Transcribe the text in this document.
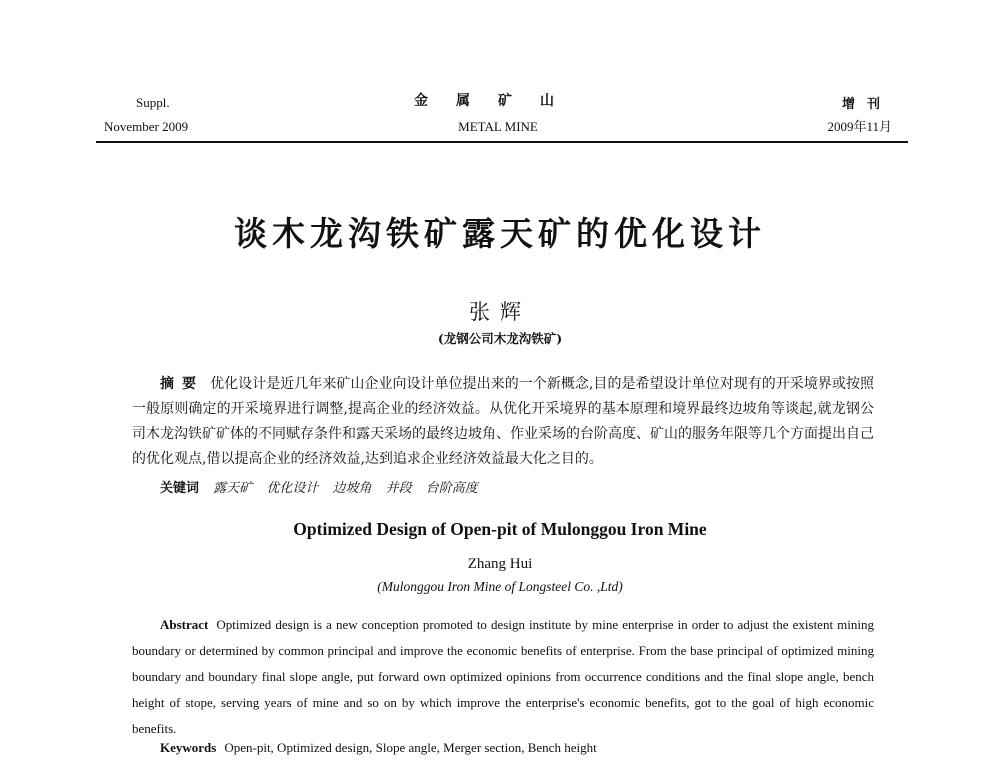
Suppl.
November 2009
金属矿山
METAL MINE
增刊
2009年11月
谈木龙沟铁矿露天矿的优化设计
张辉
(龙钢公司木龙沟铁矿)
摘要 优化设计是近几年来矿山企业向设计单位提出来的一个新概念,目的是希望设计单位对现有的开采境界或按照一般原则确定的开采境界进行调整,提高企业的经济效益。从优化开采境界的基本原理和境界最终边坡角等谈起,就龙钢公司木龙沟铁矿矿体的不同赋存条件和露天采场的最终边坡角、作业采场的台阶高度、矿山的服务年限等几个方面提出自己的优化观点,借以提高企业的经济效益,达到追求企业经济效益最大化之目的。
关键词 露天矿 优化设计 边坡角 并段 台阶高度
Optimized Design of Open-pit of Mulonggou Iron Mine
Zhang Hui
(Mulonggou Iron Mine of Longsteel Co. ,Ltd)
Abstract Optimized design is a new conception promoted to design institute by mine enterprise in order to adjust the existent mining boundary or determined by common principal and improve the economic benefits of enterprise. From the base principal of optimized mining boundary and boundary final slope angle, put forward own optimized opinions from occurrence conditions and the final slope angle, bench height of stope, serving years of mine and so on by which improve the enterprise's economic benefits, got to the goal of high economic benefits.
Keywords Open-pit, Optimized design, Slope angle, Merger section, Bench height
